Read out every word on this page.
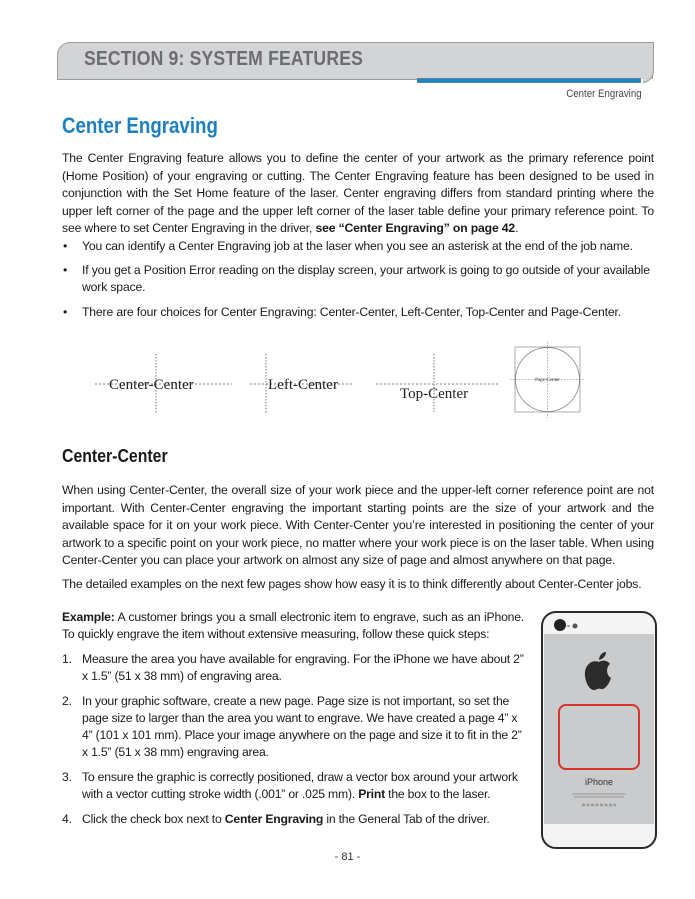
SECTION 9: SYSTEM FEATURES
Center Engraving
Center Engraving
The Center Engraving feature allows you to define the center of your artwork as the primary reference point (Home Position) of your engraving or cutting. The Center Engraving feature has been designed to be used in conjunction with the Set Home feature of the laser. Center engraving differs from standard printing where the upper left corner of the page and the upper left corner of the laser table define your primary reference point. To see where to set Center Engraving in the driver, see “Center Engraving” on page 42.
• You can identify a Center Engraving job at the laser when you see an asterisk at the end of the job name.
• If you get a Position Error reading on the display screen, your artwork is going to go outside of your available work space.
• There are four choices for Center Engraving: Center-Center, Left-Center, Top-Center and Page-Center.
Center-Center	Left-Center
Top-Center
Page-Center
Center-Center
When using Center-Center, the overall size of your work piece and the upper-left corner reference point are not important. With Center-Center engraving the important starting points are the size of your artwork and the available space for it on your work piece. With Center-Center you’re interested in positioning the center of your artwork to a specific point on your work piece, no matter where your work piece is on the laser table. When using Center-Center you can place your artwork on almost any size of page and almost anywhere on that page.
The detailed examples on the next few pages show how easy it is to think differently about Center-Center jobs.
Example: A customer brings you a small electronic item to engrave, such as an iPhone. To quickly engrave the item without extensive measuring, follow these quick steps:
1. Measure the area you have available for engraving. For the iPhone we have about 2” x 1.5” (51 x 38 mm) of engraving area.
2. In your graphic software, create a new page. Page size is not important, so set the page size to larger than the area you want to engrave. We have created a page 4” x 4” (101 x 101 mm). Place your image anywhere on the page and size it to fit in the 2” x 1.5” (51 x 38 mm) engraving area.
3. To ensure the graphic is correctly positioned, draw a vector box around your artwork with a vector cutting stroke width (.001” or .025 mm). Print the box to the laser.
4. Click the check box next to Center Engraving in the General Tab of the driver.
iPhone
- 81 -
